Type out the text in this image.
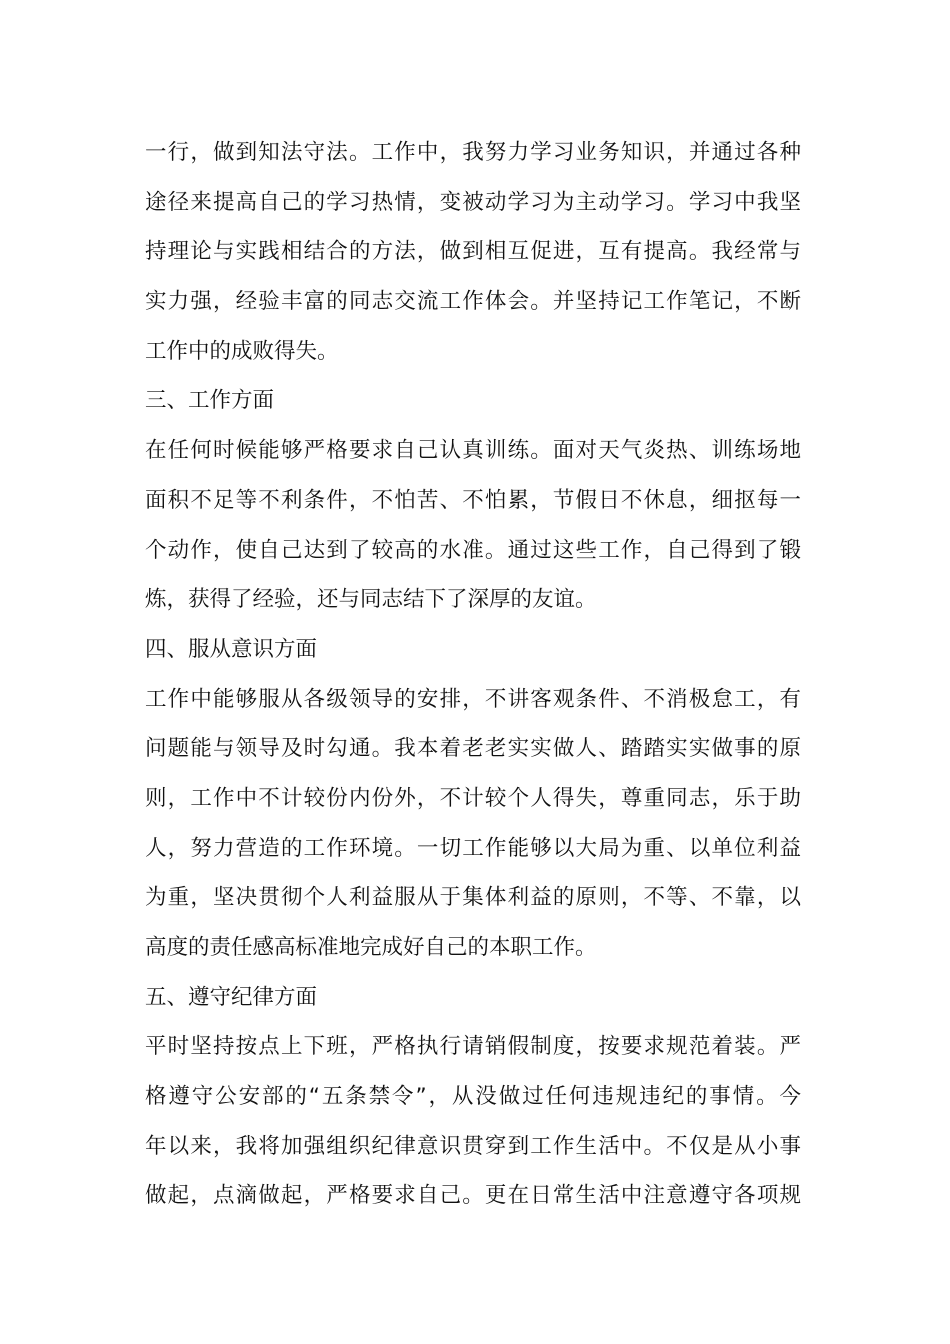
一行，做到知法守法。工作中，我努力学习业务知识，并通过各种
途径来提高自己的学习热情，变被动学习为主动学习。学习中我坚
持理论与实践相结合的方法，做到相互促进，互有提高。我经常与
实力强，经验丰富的同志交流工作体会。并坚持记工作笔记，不断
工作中的成败得失。
三、工作方面
在任何时候能够严格要求自己认真训练。面对天气炎热、训练场地
面积不足等不利条件，不怕苦、不怕累，节假日不休息，细抠每一
个动作，使自己达到了较高的水准。通过这些工作，自己得到了锻
炼，获得了经验，还与同志结下了深厚的友谊。
四、服从意识方面
工作中能够服从各级领导的安排，不讲客观条件、不消极怠工，有
问题能与领导及时勾通。我本着老老实实做人、踏踏实实做事的原
则，工作中不计较份内份外，不计较个人得失，尊重同志，乐于助
人，努力营造的工作环境。一切工作能够以大局为重、以单位利益
为重，坚决贯彻个人利益服从于集体利益的原则，不等、不靠，以
高度的责任感高标准地完成好自己的本职工作。
五、遵守纪律方面
平时坚持按点上下班，严格执行请销假制度，按要求规范着装。严
格遵守公安部的“五条禁令”，从没做过任何违规违纪的事情。今
年以来，我将加强组织纪律意识贯穿到工作生活中。不仅是从小事
做起，点滴做起，严格要求自己。更在日常生活中注意遵守各项规
